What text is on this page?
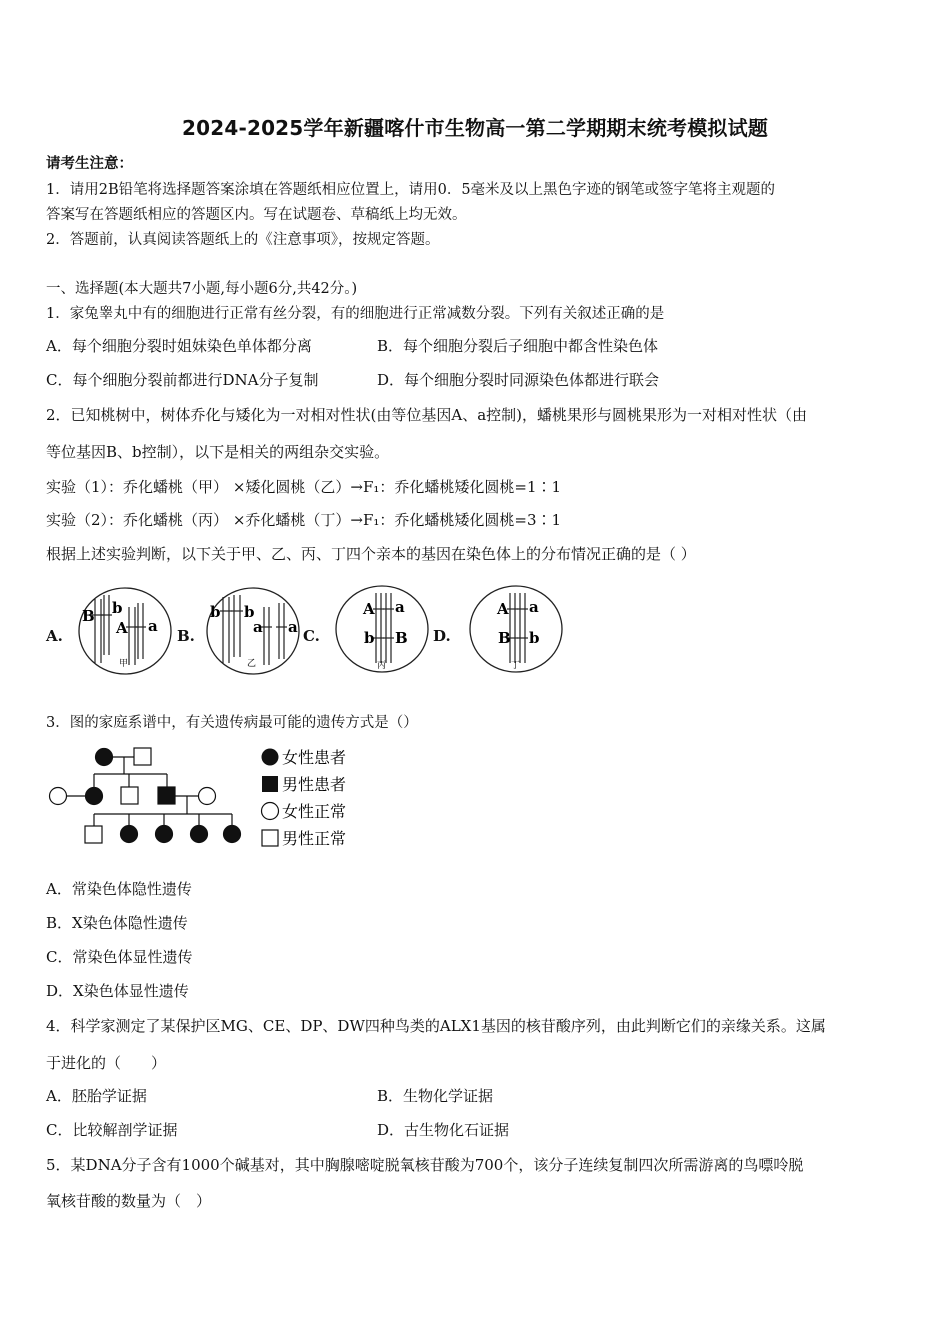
2024-2025学年新疆喀什市生物高一第二学期期末统考模拟试题
请考生注意：
1．请用2B铅笔将选择题答案涂填在答题纸相应位置上，请用0．5毫米及以上黑色字迹的钢笔或签字笔将主观题的
答案写在答题纸相应的答题区内。写在试题卷、草稿纸上均无效。
2．答题前，认真阅读答题纸上的《注意事项》，按规定答题。
一、选择题(本大题共7小题,每小题6分,共42分。)
1．家兔睾丸中有的细胞进行正常有丝分裂，有的细胞进行正常减数分裂。下列有关叙述正确的是
A．每个细胞分裂时姐妹染色单体都分离	B．每个细胞分裂后子细胞中都含性染色体
C．每个细胞分裂前都进行DNA分子复制	D．每个细胞分裂时同源染色体都进行联会
2．已知桃树中，树体乔化与矮化为一对相对性状(由等位基因A、a控制)，蟠桃果形与圆桃果形为一对相对性状（由
等位基因B、b控制），以下是相关的两组杂交实验。
实验（1）：乔化蟠桃（甲） ×矮化圆桃（乙）→F₁：乔化蟠桃矮化圆桃=1∶1
实验（2）：乔化蟠桃（丙） ×乔化蟠桃（丁）→F₁：乔化蟠桃矮化圆桃=3∶1
根据上述实验判断，以下关于甲、乙、丙、丁四个亲本的基因在染色体上的分布情况正确的是（ ）
A.	B.	C.	D.
B b
A a
甲
b b
a a
乙
A a
b B
丙
A a
B b
丁
3．图的家庭系谱中，有关遗传病最可能的遗传方式是（）
女性患者
男性患者
女性正常
男性正常
A．常染色体隐性遗传
B．X染色体隐性遗传
C．常染色体显性遗传
D．X染色体显性遗传
4．科学家测定了某保护区MG、CE、DP、DW四种鸟类的ALX1基因的核苷酸序列，由此判断它们的亲缘关系。这属
于进化的（　　）
A．胚胎学证据	B．生物化学证据
C．比较解剖学证据	D．古生物化石证据
5．某DNA分子含有1000个碱基对，其中胸腺嘧啶脱氧核苷酸为700个，该分子连续复制四次所需游离的鸟嘌呤脱
氧核苷酸的数量为（　）
